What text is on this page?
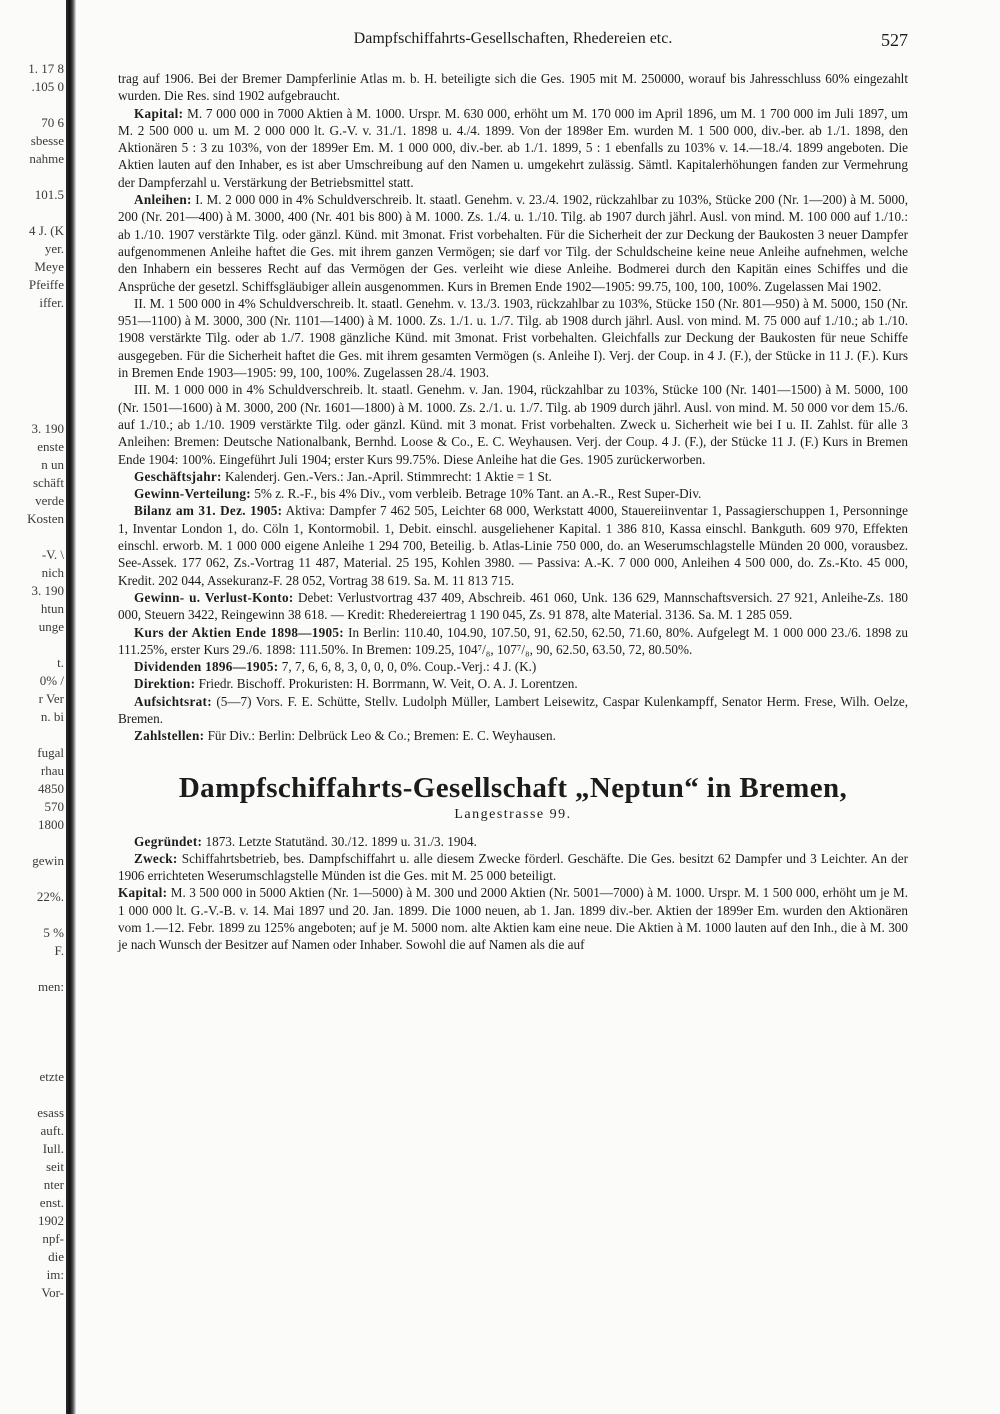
1. 17 8
.105 0
70 6
sbesse
nahme
101.5
4 J. (K
yer.
Meye
Pfeiffe
iffer.
3. 190
enste
n un
schäft
verde
Kosten
-V. \
nich
3. 190
htun
unge
t.
0% /
r Ver
n. bi
fugal
rhau
4850
570
1800
gewin
22%.
5 %
F.
men:
etzte
esass
auft.
Iull.
seit
nter
enst.
1902
npf-
die
im:
Vor-
Dampfschiffahrts-Gesellschaften, Rhedereien etc.	527

trag auf 1906. Bei der Bremer Dampferlinie Atlas m. b. H. beteiligte sich die Ges. 1905 mit M. 250000, worauf bis Jahresschluss 60% eingezahlt wurden. Die Res. sind 1902 aufgebraucht.

Kapital: M. 7 000 000 in 7000 Aktien à M. 1000. Urspr. M. 630 000, erhöht um M. 170 000 im April 1896, um M. 1 700 000 im Juli 1897, um M. 2 500 000 u. um M. 2 000 000 lt. G.-V. v. 31./1. 1898 u. 4./4. 1899. Von der 1898er Em. wurden M. 1 500 000, div.-ber. ab 1./1. 1898, den Aktionären 5 : 3 zu 103%, von der 1899er Em. M. 1 000 000, div.-ber. ab 1./1. 1899, 5 : 1 ebenfalls zu 103% v. 14.—18./4. 1899 angeboten. Die Aktien lauten auf den Inhaber, es ist aber Umschreibung auf den Namen u. umgekehrt zulässig. Sämtl. Kapitalerhöhungen fanden zur Vermehrung der Dampferzahl u. Verstärkung der Betriebsmittel statt.

Anleihen: I. M. 2 000 000 in 4% Schuldverschreib. lt. staatl. Genehm. v. 23./4. 1902, rückzahlbar zu 103%, Stücke 200 (Nr. 1—200) à M. 5000, 200 (Nr. 201—400) à M. 3000, 400 (Nr. 401 bis 800) à M. 1000. Zs. 1./4. u. 1./10. Tilg. ab 1907 durch jährl. Ausl. von mind. M. 100 000 auf 1./10.: ab 1./10. 1907 verstärkte Tilg. oder gänzl. Künd. mit 3monat. Frist vorbehalten. Für die Sicherheit der zur Deckung der Baukosten 3 neuer Dampfer aufgenommenen Anleihe haftet die Ges. mit ihrem ganzen Vermögen; sie darf vor Tilg. der Schuldscheine keine neue Anleihe aufnehmen, welche den Inhabern ein besseres Recht auf das Vermögen der Ges. verleiht wie diese Anleihe. Bodmerei durch den Kapitän eines Schiffes und die Ansprüche der gesetzl. Schiffsgläubiger allein ausgenommen. Kurs in Bremen Ende 1902—1905: 99.75, 100, 100, 100%. Zugelassen Mai 1902.

II. M. 1 500 000 in 4% Schuldverschreib. lt. staatl. Genehm. v. 13./3. 1903, rückzahlbar zu 103%, Stücke 150 (Nr. 801—950) à M. 5000, 150 (Nr. 951—1100) à M. 3000, 300 (Nr. 1101—1400) à M. 1000. Zs. 1./1. u. 1./7. Tilg. ab 1908 durch jährl. Ausl. von mind. M. 75 000 auf 1./10.; ab 1./10. 1908 verstärkte Tilg. oder ab 1./7. 1908 gänzliche Künd. mit 3monat. Frist vorbehalten. Gleichfalls zur Deckung der Baukosten für neue Schiffe ausgegeben. Für die Sicherheit haftet die Ges. mit ihrem gesamten Vermögen (s. Anleihe I). Verj. der Coup. in 4 J. (F.), der Stücke in 11 J. (F.). Kurs in Bremen Ende 1903—1905: 99, 100, 100%. Zugelassen 28./4. 1903.

III. M. 1 000 000 in 4% Schuldverschreib. lt. staatl. Genehm. v. Jan. 1904, rückzahlbar zu 103%, Stücke 100 (Nr. 1401—1500) à M. 5000, 100 (Nr. 1501—1600) à M. 3000, 200 (Nr. 1601—1800) à M. 1000. Zs. 2./1. u. 1./7. Tilg. ab 1909 durch jährl. Ausl. von mind. M. 50 000 vor dem 15./6. auf 1./10.; ab 1./10. 1909 verstärkte Tilg. oder gänzl. Künd. mit 3 monat. Frist vorbehalten. Zweck u. Sicherheit wie bei I u. II. Zahlst. für alle 3 Anleihen: Bremen: Deutsche Nationalbank, Bernhd. Loose & Co., E. C. Weyhausen. Verj. der Coup. 4 J. (F.), der Stücke 11 J. (F.) Kurs in Bremen Ende 1904: 100%. Eingeführt Juli 1904; erster Kurs 99.75%. Diese Anleihe hat die Ges. 1905 zurückerworben.

Geschäftsjahr: Kalenderj. Gen.-Vers.: Jan.-April. Stimmrecht: 1 Aktie = 1 St.

Gewinn-Verteilung: 5% z. R.-F., bis 4% Div., vom verbleib. Betrage 10% Tant. an A.-R., Rest Super-Div.

Bilanz am 31. Dez. 1905: Aktiva: Dampfer 7 462 505, Leichter 68 000, Werkstatt 4000, Stauereiinventar 1, Passagierschuppen 1, Personninge 1, Inventar London 1, do. Cöln 1, Kontormobil. 1, Debit. einschl. ausgeliehener Kapital. 1 386 810, Kassa einschl. Bankguth. 609 970, Effekten einschl. erworb. M. 1 000 000 eigene Anleihe 1 294 700, Beteilig. b. Atlas-Linie 750 000, do. an Weserumschlagstelle Münden 20 000, vorausbez. See-Assek. 177 062, Zs.-Vortrag 11 487, Material. 25 195, Kohlen 3980. — Passiva: A.-K. 7 000 000, Anleihen 4 500 000, do. Zs.-Kto. 45 000, Kredit. 202 044, Assekuranz-F. 28 052, Vortrag 38 619. Sa. M. 11 813 715.

Gewinn- u. Verlust-Konto: Debet: Verlustvortrag 437 409, Abschreib. 461 060, Unk. 136 629, Mannschaftsversich. 27 921, Anleihe-Zs. 180 000, Steuern 3422, Reingewinn 38 618. — Kredit: Rhedereiertrag 1 190 045, Zs. 91 878, alte Material. 3136. Sa. M. 1 285 059.

Kurs der Aktien Ende 1898—1905: In Berlin: 110.40, 104.90, 107.50, 91, 62.50, 62.50, 71.60, 80%. Aufgelegt M. 1 000 000 23./6. 1898 zu 111.25%, erster Kurs 29./6. 1898: 111.50%. In Bremen: 109.25, 104⁷/₈, 107⁷/₈, 90, 62.50, 63.50, 72, 80.50%.

Dividenden 1896—1905: 7, 7, 6, 6, 8, 3, 0, 0, 0, 0%. Coup.-Verj.: 4 J. (K.)

Direktion: Friedr. Bischoff. Prokuristen: H. Borrmann, W. Veit, O. A. J. Lorentzen.

Aufsichtsrat: (5—7) Vors. F. E. Schütte, Stellv. Ludolph Müller, Lambert Leisewitz, Caspar Kulenkampff, Senator Herm. Frese, Wilh. Oelze, Bremen.

Zahlstellen: Für Div.: Berlin: Delbrück Leo & Co.; Bremen: E. C. Weyhausen.

Dampfschiffahrts-Gesellschaft „Neptun“ in Bremen,
Langestrasse 99.

Gegründet: 1873. Letzte Statutänd. 30./12. 1899 u. 31./3. 1904.

Zweck: Schiffahrtsbetrieb, bes. Dampfschiffahrt u. alle diesem Zwecke förderl. Geschäfte. Die Ges. besitzt 62 Dampfer und 3 Leichter. An der 1906 errichteten Weserumschlagstelle Münden ist die Ges. mit M. 25 000 beteiligt.

Kapital: M. 3 500 000 in 5000 Aktien (Nr. 1—5000) à M. 300 und 2000 Aktien (Nr. 5001—7000) à M. 1000. Urspr. M. 1 500 000, erhöht um je M. 1 000 000 lt. G.-V.-B. v. 14. Mai 1897 und 20. Jan. 1899. Die 1000 neuen, ab 1. Jan. 1899 div.-ber. Aktien der 1899er Em. wurden den Aktionären vom 1.—12. Febr. 1899 zu 125% angeboten; auf je M. 5000 nom. alte Aktien kam eine neue. Die Aktien à M. 1000 lauten auf den Inh., die à M. 300 je nach Wunsch der Besitzer auf Namen oder Inhaber. Sowohl die auf Namen als die auf
